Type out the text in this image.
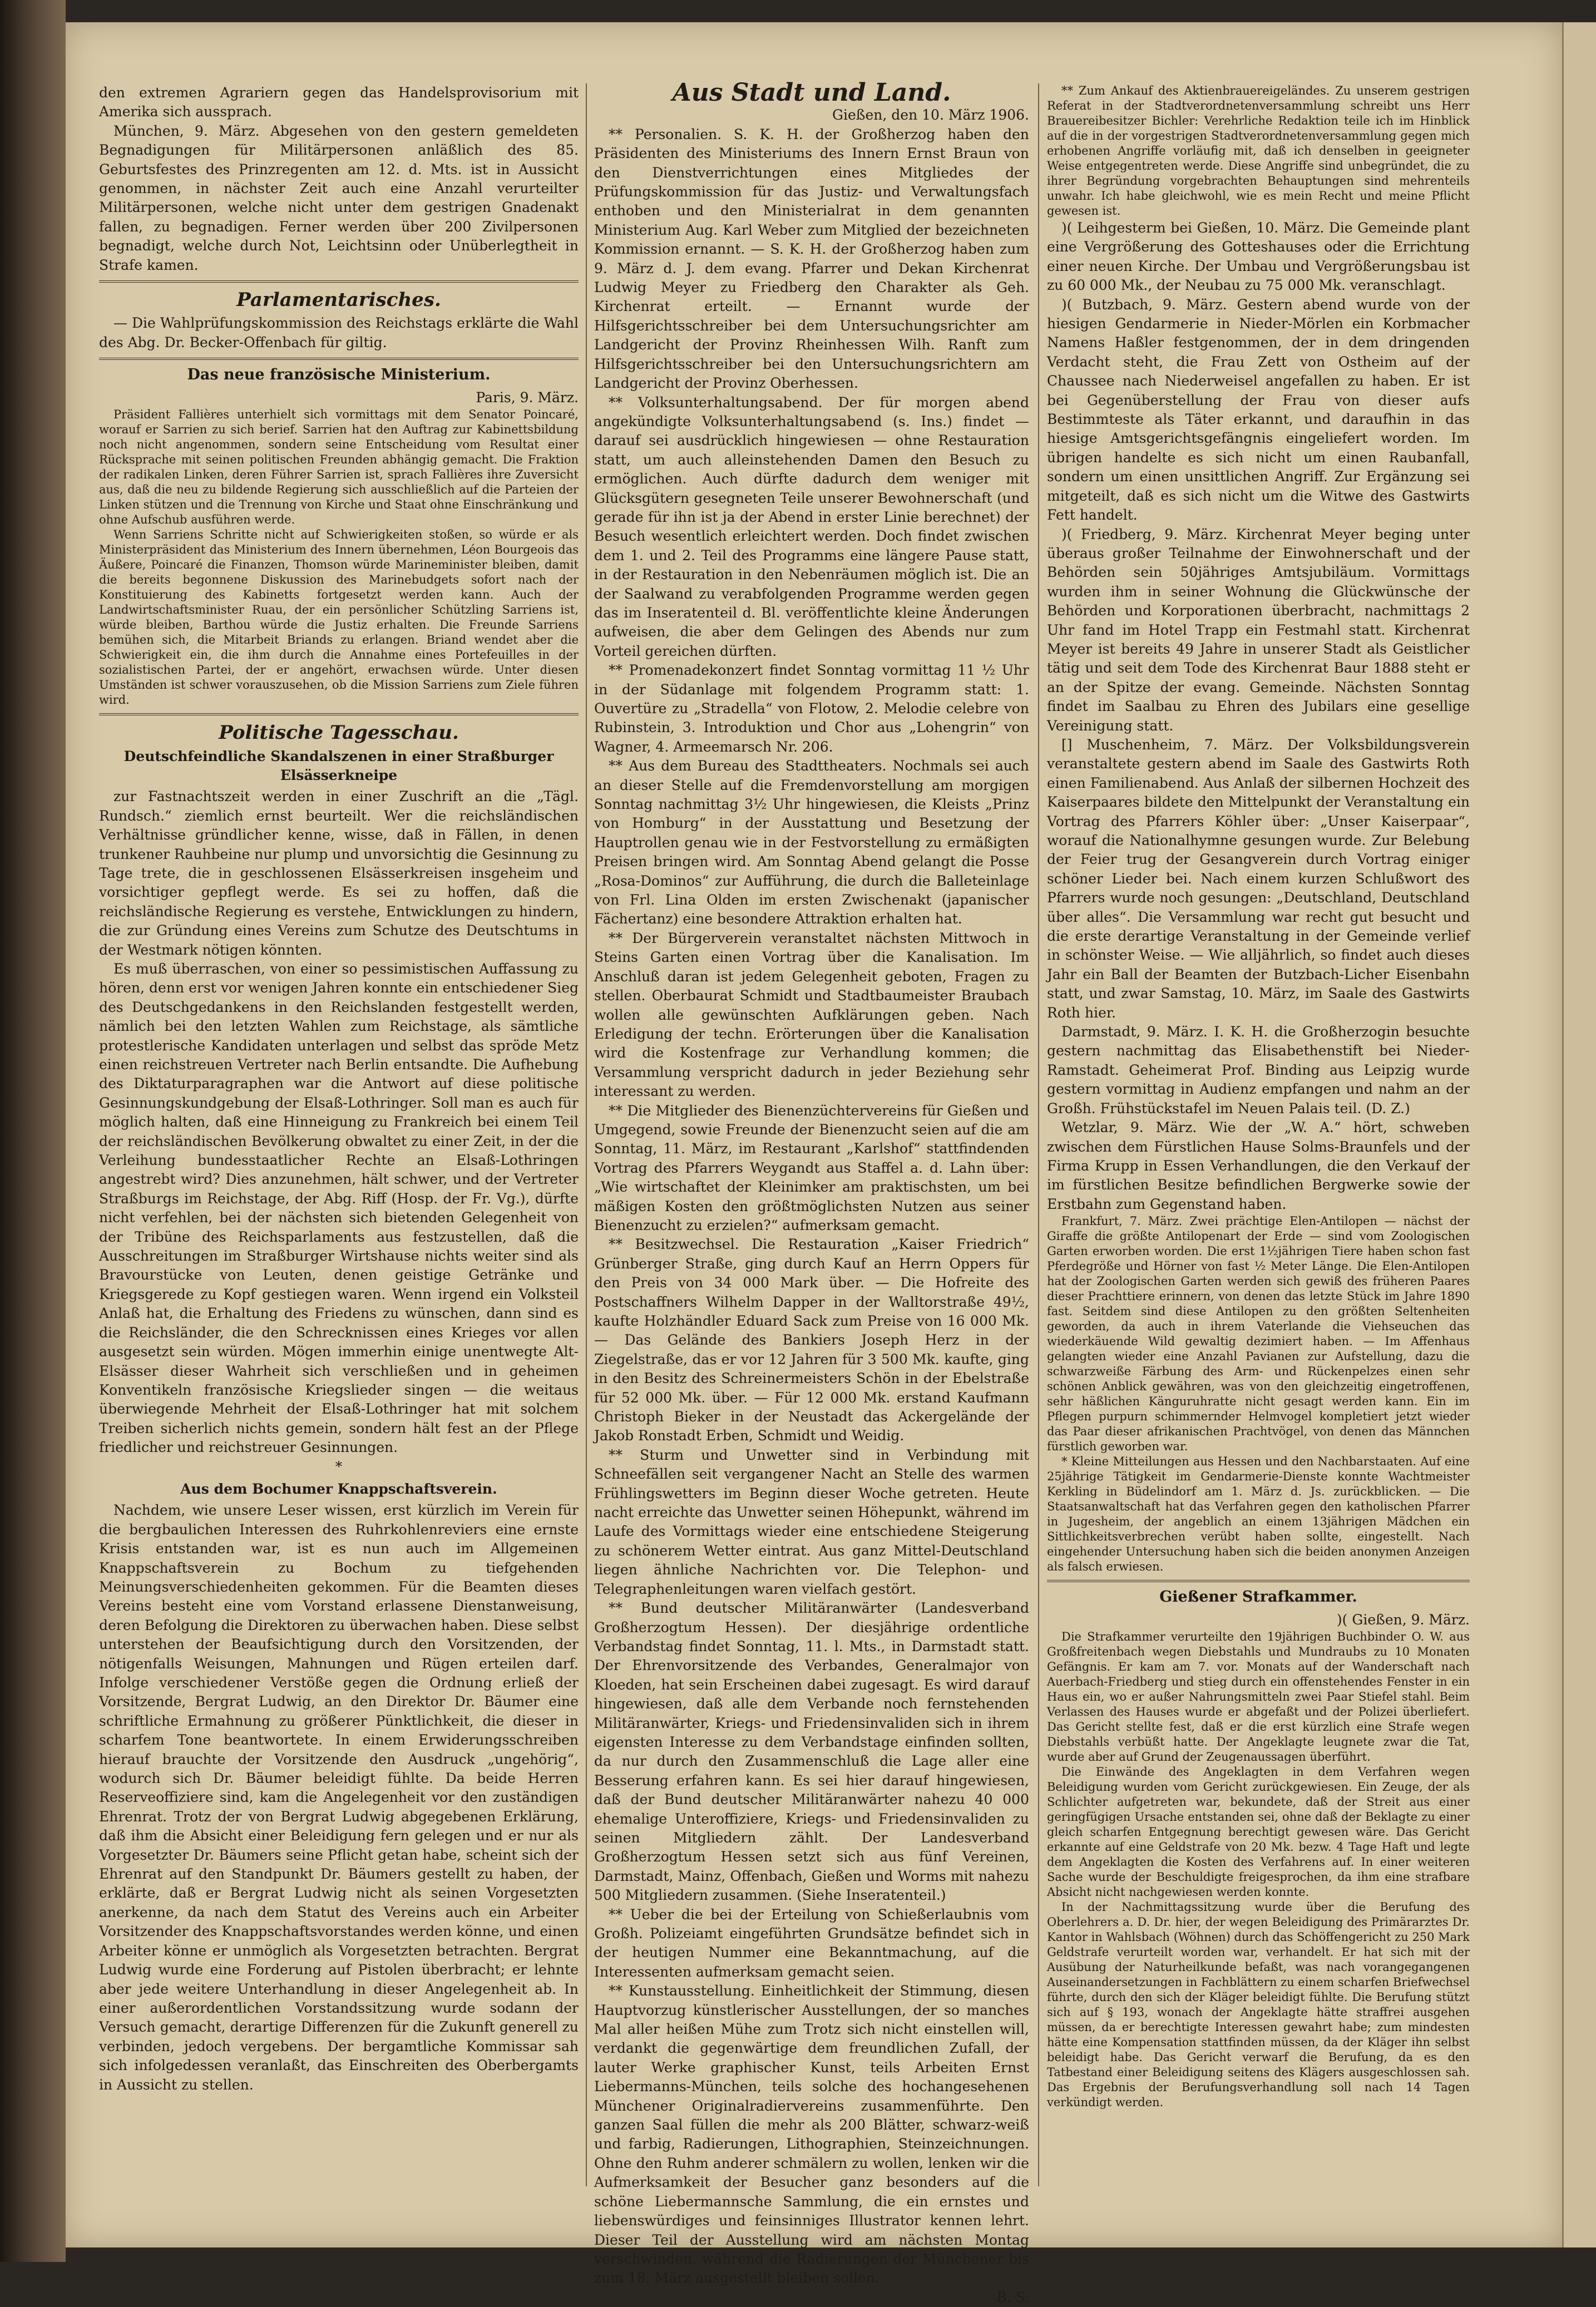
den extremen Agrariern gegen das Handelsprovisorium mit Amerika sich aussprach.

München, 9. März. Abgesehen von den gestern gemeldeten Begnadigungen für Militärpersonen anläßlich des 85. Geburtsfestes des Prinzregenten am 12. d. Mts. ist in Aussicht genommen, in nächster Zeit auch eine Anzahl verurteilter Militärpersonen, welche nicht unter dem gestrigen Gnadenakt fallen, zu begnadigen. Ferner werden über 200 Zivilpersonen begnadigt, welche durch Not, Leichtsinn oder Unüberlegtheit in Strafe kamen.

Parlamentarisches.

— Die Wahlprüfungskommission des Reichstags erklärte die Wahl des Abg. Dr. Becker-Offenbach für giltig.

Das neue französische Ministerium.

Paris, 9. März.

Präsident Fallières unterhielt sich vormittags mit dem Senator Poincaré, worauf er Sarrien zu sich berief. Sarrien hat den Auftrag zur Kabinettsbildung noch nicht angenommen, sondern seine Entscheidung vom Resultat einer Rücksprache mit seinen politischen Freunden abhängig gemacht. Die Fraktion der radikalen Linken, deren Führer Sarrien ist, sprach Fallières ihre Zuversicht aus, daß die neu zu bildende Regierung sich ausschließlich auf die Parteien der Linken stützen und die Trennung von Kirche und Staat ohne Einschränkung und ohne Aufschub ausführen werde.

Wenn Sarriens Schritte nicht auf Schwierigkeiten stoßen, so würde er als Ministerpräsident das Ministerium des Innern übernehmen, Léon Bourgeois das Äußere, Poincaré die Finanzen, Thomson würde Marineminister bleiben, damit die bereits begonnene Diskussion des Marinebudgets sofort nach der Konstituierung des Kabinetts fortgesetzt werden kann. Auch der Landwirtschaftsminister Ruau, der ein persönlicher Schützling Sarriens ist, würde bleiben, Barthou würde die Justiz erhalten. Die Freunde Sarriens bemühen sich, die Mitarbeit Briands zu erlangen. Briand wendet aber die Schwierigkeit ein, die ihm durch die Annahme eines Portefeuilles in der sozialistischen Partei, der er angehört, erwachsen würde. Unter diesen Umständen ist schwer vorauszusehen, ob die Mission Sarriens zum Ziele führen wird.

Politische Tagesschau.
Deutschfeindliche Skandalszenen in einer Straßburger Elsässerkneipe

zur Fastnachtszeit werden in einer Zuschrift an die „Tägl. Rundsch.“ ziemlich ernst beurteilt. Wer die reichsländischen Verhältnisse gründlicher kenne, wisse, daß in Fällen, in denen trunkener Rauhbeine nur plump und unvorsichtig die Gesinnung zu Tage trete, die in geschlossenen Elsässerkreisen insgeheim und vorsichtiger gepflegt werde. Es sei zu hoffen, daß die reichsländische Regierung es verstehe, Entwicklungen zu hindern, die zur Gründung eines Vereins zum Schutze des Deutschtums in der Westmark nötigen könnten.

Es muß überraschen, von einer so pessimistischen Auffassung zu hören, denn erst vor wenigen Jahren konnte ein entschiedener Sieg des Deutschgedankens in den Reichslanden festgestellt werden, nämlich bei den letzten Wahlen zum Reichstage, als sämtliche protestlerische Kandidaten unterlagen und selbst das spröde Metz einen reichstreuen Vertreter nach Berlin entsandte. Die Aufhebung des Diktaturparagraphen war die Antwort auf diese politische Gesinnungskundgebung der Elsaß-Lothringer. Soll man es auch für möglich halten, daß eine Hinneigung zu Frankreich bei einem Teil der reichsländischen Bevölkerung obwaltet zu einer Zeit, in der die Verleihung bundesstaatlicher Rechte an Elsaß-Lothringen angestrebt wird? Dies anzunehmen, hält schwer, und der Vertreter Straßburgs im Reichstage, der Abg. Riff (Hosp. der Fr. Vg.), dürfte nicht verfehlen, bei der nächsten sich bietenden Gelegenheit von der Tribüne des Reichsparlaments aus festzustellen, daß die Ausschreitungen im Straßburger Wirtshause nichts weiter sind als Bravourstücke von Leuten, denen geistige Getränke und Kriegsgerede zu Kopf gestiegen waren. Wenn irgend ein Volksteil Anlaß hat, die Erhaltung des Friedens zu wünschen, dann sind es die Reichsländer, die den Schrecknissen eines Krieges vor allen ausgesetzt sein würden. Mögen immerhin einige unentwegte Alt-Elsässer dieser Wahrheit sich verschließen und in geheimen Konventikeln französische Kriegslieder singen — die weitaus überwiegende Mehrheit der Elsaß-Lothringer hat mit solchem Treiben sicherlich nichts gemein, sondern hält fest an der Pflege friedlicher und reichstreuer Gesinnungen.

*

Aus dem Bochumer Knappschaftsverein.

Nachdem, wie unsere Leser wissen, erst kürzlich im Verein für die bergbaulichen Interessen des Ruhrkohlenreviers eine ernste Krisis entstanden war, ist es nun auch im Allgemeinen Knappschaftsverein zu Bochum zu tiefgehenden Meinungsverschiedenheiten gekommen. Für die Beamten dieses Vereins besteht eine vom Vorstand erlassene Dienstanweisung, deren Befolgung die Direktoren zu überwachen haben. Diese selbst unterstehen der Beaufsichtigung durch den Vorsitzenden, der nötigenfalls Weisungen, Mahnungen und Rügen erteilen darf. Infolge verschiedener Verstöße gegen die Ordnung erließ der Vorsitzende, Bergrat Ludwig, an den Direktor Dr. Bäumer eine schriftliche Ermahnung zu größerer Pünktlichkeit, die dieser in scharfem Tone beantwortete. In einem Erwiderungsschreiben hierauf brauchte der Vorsitzende den Ausdruck „ungehörig“, wodurch sich Dr. Bäumer beleidigt fühlte. Da beide Herren Reserveoffiziere sind, kam die Angelegenheit vor den zuständigen Ehrenrat. Trotz der von Bergrat Ludwig abgegebenen Erklärung, daß ihm die Absicht einer Beleidigung fern gelegen und er nur als Vorgesetzter Dr. Bäumers seine Pflicht getan habe, scheint sich der Ehrenrat auf den Standpunkt Dr. Bäumers gestellt zu haben, der erklärte, daß er Bergrat Ludwig nicht als seinen Vorgesetzten anerkenne, da nach dem Statut des Vereins auch ein Arbeiter Vorsitzender des Knappschaftsvorstandes werden könne, und einen Arbeiter könne er unmöglich als Vorgesetzten betrachten. Bergrat Ludwig wurde eine Forderung auf Pistolen überbracht; er lehnte aber jede weitere Unterhandlung in dieser Angelegenheit ab. In einer außerordentlichen Vorstandssitzung wurde sodann der Versuch gemacht, derartige Differenzen für die Zukunft generell zu verbinden, jedoch vergebens. Der bergamtliche Kommissar sah sich infolgedessen veranlaßt, das Einschreiten des Oberbergamts in Aussicht zu stellen.

Aus Stadt und Land.

Gießen, den 10. März 1906.

** Personalien. S. K. H. der Großherzog haben den Präsidenten des Ministeriums des Innern Ernst Braun von den Dienstverrichtungen eines Mitgliedes der Prüfungskommission für das Justiz- und Verwaltungsfach enthoben und den Ministerialrat in dem genannten Ministerium Aug. Karl Weber zum Mitglied der bezeichneten Kommission ernannt. — S. K. H. der Großherzog haben zum 9. März d. J. dem evang. Pfarrer und Dekan Kirchenrat Ludwig Meyer zu Friedberg den Charakter als Geh. Kirchenrat erteilt. — Ernannt wurde der Hilfsgerichtsschreiber bei dem Untersuchungsrichter am Landgericht der Provinz Rheinhessen Wilh. Ranft zum Hilfsgerichtsschreiber bei den Untersuchungsrichtern am Landgericht der Provinz Oberhessen.

** Volksunterhaltungsabend. Der für morgen abend angekündigte Volksunterhaltungsabend (s. Ins.) findet — darauf sei ausdrücklich hingewiesen — ohne Restauration statt, um auch alleinstehenden Damen den Besuch zu ermöglichen. Auch dürfte dadurch dem weniger mit Glücksgütern gesegneten Teile unserer Bewohnerschaft (und gerade für ihn ist ja der Abend in erster Linie berechnet) der Besuch wesentlich erleichtert werden. Doch findet zwischen dem 1. und 2. Teil des Programms eine längere Pause statt, in der Restauration in den Nebenräumen möglich ist. Die an der Saalwand zu verabfolgenden Programme werden gegen das im Inseratenteil d. Bl. veröffentlichte kleine Änderungen aufweisen, die aber dem Gelingen des Abends nur zum Vorteil gereichen dürften.

** Promenadekonzert findet Sonntag vormittag 11 ½ Uhr in der Südanlage mit folgendem Programm statt: 1. Ouvertüre zu „Stradella“ von Flotow, 2. Melodie celebre von Rubinstein, 3. Introduktion und Chor aus „Lohengrin“ von Wagner, 4. Armeemarsch Nr. 206.

** Aus dem Bureau des Stadttheaters. Nochmals sei auch an dieser Stelle auf die Fremdenvorstellung am morgigen Sonntag nachmittag 3½ Uhr hingewiesen, die Kleists „Prinz von Homburg“ in der Ausstattung und Besetzung der Hauptrollen genau wie in der Festvorstellung zu ermäßigten Preisen bringen wird. Am Sonntag Abend gelangt die Posse „Rosa-Dominos“ zur Aufführung, die durch die Balleteinlage von Frl. Lina Olden im ersten Zwischenakt (japanischer Fächertanz) eine besondere Attraktion erhalten hat.

** Der Bürgerverein veranstaltet nächsten Mittwoch in Steins Garten einen Vortrag über die Kanalisation. Im Anschluß daran ist jedem Gelegenheit geboten, Fragen zu stellen. Oberbaurat Schmidt und Stadtbaumeister Braubach wollen alle gewünschten Aufklärungen geben. Nach Erledigung der techn. Erörterungen über die Kanalisation wird die Kostenfrage zur Verhandlung kommen; die Versammlung verspricht dadurch in jeder Beziehung sehr interessant zu werden.

** Die Mitglieder des Bienenzüchtervereins für Gießen und Umgegend, sowie Freunde der Bienenzucht seien auf die am Sonntag, 11. März, im Restaurant „Karlshof“ stattfindenden Vortrag des Pfarrers Weygandt aus Staffel a. d. Lahn über: „Wie wirtschaftet der Kleinimker am praktischsten, um bei mäßigen Kosten den größtmöglichsten Nutzen aus seiner Bienenzucht zu erzielen?“ aufmerksam gemacht.

** Besitzwechsel. Die Restauration „Kaiser Friedrich“ Grünberger Straße, ging durch Kauf an Herrn Oppers für den Preis von 34 000 Mark über. — Die Hofreite des Postschaffners Wilhelm Dapper in der Walltorstraße 49½, kaufte Holzhändler Eduard Sack zum Preise von 16 000 Mk. — Das Gelände des Bankiers Joseph Herz in der Ziegelstraße, das er vor 12 Jahren für 3 500 Mk. kaufte, ging in den Besitz des Schreinermeisters Schön in der Ebelstraße für 52 000 Mk. über. — Für 12 000 Mk. erstand Kaufmann Christoph Bieker in der Neustadt das Ackergelände der Jakob Ronstadt Erben, Schmidt und Weidig.

** Sturm und Unwetter sind in Verbindung mit Schneefällen seit vergangener Nacht an Stelle des warmen Frühlingswetters im Beginn dieser Woche getreten. Heute nacht erreichte das Unwetter seinen Höhepunkt, während im Laufe des Vormittags wieder eine entschiedene Steigerung zu schönerem Wetter eintrat. Aus ganz Mittel-Deutschland liegen ähnliche Nachrichten vor. Die Telephon- und Telegraphenleitungen waren vielfach gestört.

** Bund deutscher Militäranwärter (Landesverband Großherzogtum Hessen). Der diesjährige ordentliche Verbandstag findet Sonntag, 11. l. Mts., in Darmstadt statt. Der Ehrenvorsitzende des Verbandes, Generalmajor von Kloeden, hat sein Erscheinen dabei zugesagt. Es wird darauf hingewiesen, daß alle dem Verbande noch fernstehenden Militäranwärter, Kriegs- und Friedensinvaliden sich in ihrem eigensten Interesse zu dem Verbandstage einfinden sollten, da nur durch den Zusammenschluß die Lage aller eine Besserung erfahren kann. Es sei hier darauf hingewiesen, daß der Bund deutscher Militäranwärter nahezu 40 000 ehemalige Unteroffiziere, Kriegs- und Friedensinvaliden zu seinen Mitgliedern zählt. Der Landesverband Großherzogtum Hessen setzt sich aus fünf Vereinen, Darmstadt, Mainz, Offenbach, Gießen und Worms mit nahezu 500 Mitgliedern zusammen. (Siehe Inseratenteil.)

** Ueber die bei der Erteilung von Schießerlaubnis vom Großh. Polizeiamt eingeführten Grundsätze befindet sich in der heutigen Nummer eine Bekanntmachung, auf die Interessenten aufmerksam gemacht seien.

** Kunstausstellung. Einheitlichkeit der Stimmung, diesen Hauptvorzug künstlerischer Ausstellungen, der so manches Mal aller heißen Mühe zum Trotz sich nicht einstellen will, verdankt die gegenwärtige dem freundlichen Zufall, der lauter Werke graphischer Kunst, teils Arbeiten Ernst Liebermanns-München, teils solche des hochangesehenen Münchener Originalradiervereins zusammenführte. Den ganzen Saal füllen die mehr als 200 Blätter, schwarz-weiß und farbig, Radierungen, Lithographien, Steinzeichnungen. Ohne den Ruhm anderer schmälern zu wollen, lenken wir die Aufmerksamkeit der Besucher ganz besonders auf die schöne Liebermannsche Sammlung, die ein ernstes und liebenswürdiges und feinsinniges Illustrator kennen lehrt. Dieser Teil der Ausstellung wird am nächsten Montag verschwinden, während die Radierungen der Münchener bis zum 18. März ausgestellt bleiben sollen.

B. S.

** Zum Ankauf des Aktienbrauereigeländes. Zu unserem gestrigen Referat in der Stadtverordnetenversammlung schreibt uns Herr Brauereibesitzer Bichler: Verehrliche Redaktion teile ich im Hinblick auf die in der vorgestrigen Stadtverordnetenversammlung gegen mich erhobenen Angriffe vorläufig mit, daß ich denselben in geeigneter Weise entgegentreten werde. Diese Angriffe sind unbegründet, die zu ihrer Begründung vorgebrachten Behauptungen sind mehrenteils unwahr. Ich habe gleichwohl, wie es mein Recht und meine Pflicht gewesen ist.

)( Leihgesterm bei Gießen, 10. März. Die Gemeinde plant eine Vergrößerung des Gotteshauses oder die Errichtung einer neuen Kirche. Der Umbau und Vergrößerungsbau ist zu 60 000 Mk., der Neubau zu 75 000 Mk. veranschlagt.

)( Butzbach, 9. März. Gestern abend wurde von der hiesigen Gendarmerie in Nieder-Mörlen ein Korbmacher Namens Haßler festgenommen, der in dem dringenden Verdacht steht, die Frau Zett von Ostheim auf der Chaussee nach Niederweisel angefallen zu haben. Er ist bei Gegenüberstellung der Frau von dieser aufs Bestimmteste als Täter erkannt, und daraufhin in das hiesige Amtsgerichtsgefängnis eingeliefert worden. Im übrigen handelte es sich nicht um einen Raubanfall, sondern um einen unsittlichen Angriff. Zur Ergänzung sei mitgeteilt, daß es sich nicht um die Witwe des Gastwirts Fett handelt.

)( Friedberg, 9. März. Kirchenrat Meyer beging unter überaus großer Teilnahme der Einwohnerschaft und der Behörden sein 50jähriges Amtsjubiläum. Vormittags wurden ihm in seiner Wohnung die Glückwünsche der Behörden und Korporationen überbracht, nachmittags 2 Uhr fand im Hotel Trapp ein Festmahl statt. Kirchenrat Meyer ist bereits 49 Jahre in unserer Stadt als Geistlicher tätig und seit dem Tode des Kirchenrat Baur 1888 steht er an der Spitze der evang. Gemeinde. Nächsten Sonntag findet im Saalbau zu Ehren des Jubilars eine gesellige Vereinigung statt.

[] Muschenheim, 7. März. Der Volksbildungsverein veranstaltete gestern abend im Saale des Gastwirts Roth einen Familienabend. Aus Anlaß der silbernen Hochzeit des Kaiserpaares bildete den Mittelpunkt der Veranstaltung ein Vortrag des Pfarrers Köhler über: „Unser Kaiserpaar“, worauf die Nationalhymne gesungen wurde. Zur Belebung der Feier trug der Gesangverein durch Vortrag einiger schöner Lieder bei. Nach einem kurzen Schlußwort des Pfarrers wurde noch gesungen: „Deutschland, Deutschland über alles“. Die Versammlung war recht gut besucht und die erste derartige Veranstaltung in der Gemeinde verlief in schönster Weise. — Wie alljährlich, so findet auch dieses Jahr ein Ball der Beamten der Butzbach-Licher Eisenbahn statt, und zwar Samstag, 10. März, im Saale des Gastwirts Roth hier.

Darmstadt, 9. März. I. K. H. die Großherzogin besuchte gestern nachmittag das Elisabethenstift bei Nieder-Ramstadt. Geheimerat Prof. Binding aus Leipzig wurde gestern vormittag in Audienz empfangen und nahm an der Großh. Frühstückstafel im Neuen Palais teil. (D. Z.)

Wetzlar, 9. März. Wie der „W. A.“ hört, schweben zwischen dem Fürstlichen Hause Solms-Braunfels und der Firma Krupp in Essen Verhandlungen, die den Verkauf der im fürstlichen Besitze befindlichen Bergwerke sowie der Erstbahn zum Gegenstand haben.

Frankfurt, 7. März. Zwei prächtige Elen-Antilopen — nächst der Giraffe die größte Antilopenart der Erde — sind vom Zoologischen Garten erworben worden. Die erst 1½jährigen Tiere haben schon fast Pferdegröße und Hörner von fast ½ Meter Länge. Die Elen-Antilopen hat der Zoologischen Garten werden sich gewiß des früheren Paares dieser Prachttiere erinnern, von denen das letzte Stück im Jahre 1890 fast. Seitdem sind diese Antilopen zu den größten Seltenheiten geworden, da auch in ihrem Vaterlande die Viehseuchen das wiederkäuende Wild gewaltig dezimiert haben. — Im Affenhaus gelangten wieder eine Anzahl Pavianen zur Aufstellung, dazu die schwarzweiße Färbung des Arm- und Rückenpelzes einen sehr schönen Anblick gewähren, was von den gleichzeitig eingetroffenen, sehr häßlichen Känguruhratte nicht gesagt werden kann. Ein im Pflegen purpurn schimmernder Helmvogel kompletiert jetzt wieder das Paar dieser afrikanischen Prachtvögel, von denen das Männchen fürstlich geworben war.

* Kleine Mitteilungen aus Hessen und den Nachbarstaaten. Auf eine 25jährige Tätigkeit im Gendarmerie-Dienste konnte Wachtmeister Kerkling in Büdelindorf am 1. März d. Js. zurückblicken. — Die Staatsanwaltschaft hat das Verfahren gegen den katholischen Pfarrer in Jugesheim, der angeblich an einem 13jährigen Mädchen ein Sittlichkeitsverbrechen verübt haben sollte, eingestellt. Nach eingehender Untersuchung haben sich die beiden anonymen Anzeigen als falsch erwiesen.

Gießener Strafkammer.

)( Gießen, 9. März.

Die Strafkammer verurteilte den 19jährigen Buchbinder O. W. aus Großfreitenbach wegen Diebstahls und Mundraubs zu 10 Monaten Gefängnis. Er kam am 7. vor. Monats auf der Wanderschaft nach Auerbach-Friedberg und stieg durch ein offenstehendes Fenster in ein Haus ein, wo er außer Nahrungsmitteln zwei Paar Stiefel stahl. Beim Verlassen des Hauses wurde er abgefaßt und der Polizei überliefert. Das Gericht stellte fest, daß er die erst kürzlich eine Strafe wegen Diebstahls verbüßt hatte. Der Angeklagte leugnete zwar die Tat, wurde aber auf Grund der Zeugenaussagen überführt.

Die Einwände des Angeklagten in dem Verfahren wegen Beleidigung wurden vom Gericht zurückgewiesen. Ein Zeuge, der als Schlichter aufgetreten war, bekundete, daß der Streit aus einer geringfügigen Ursache entstanden sei, ohne daß der Beklagte zu einer gleich scharfen Entgegnung berechtigt gewesen wäre. Das Gericht erkannte auf eine Geldstrafe von 20 Mk. bezw. 4 Tage Haft und legte dem Angeklagten die Kosten des Verfahrens auf. In einer weiteren Sache wurde der Beschuldigte freigesprochen, da ihm eine strafbare Absicht nicht nachgewiesen werden konnte.

In der Nachmittagssitzung wurde über die Berufung des Oberlehrers a. D. Dr. hier, der wegen Beleidigung des Primärarztes Dr. Kantor in Wahlsbach (Wöhnen) durch das Schöffengericht zu 250 Mark Geldstrafe verurteilt worden war, verhandelt. Er hat sich mit der Ausübung der Naturheilkunde befaßt, was nach vorangegangenen Auseinandersetzungen in Fachblättern zu einem scharfen Briefwechsel führte, durch den sich der Kläger beleidigt fühlte. Die Berufung stützt sich auf § 193, wonach der Angeklagte hätte straffrei ausgehen müssen, da er berechtigte Interessen gewahrt habe; zum mindesten hätte eine Kompensation stattfinden müssen, da der Kläger ihn selbst beleidigt habe. Das Gericht verwarf die Berufung, da es den Tatbestand einer Beleidigung seitens des Klägers ausgeschlossen sah. Das Ergebnis der Berufungsverhandlung soll nach 14 Tagen verkündigt werden.
